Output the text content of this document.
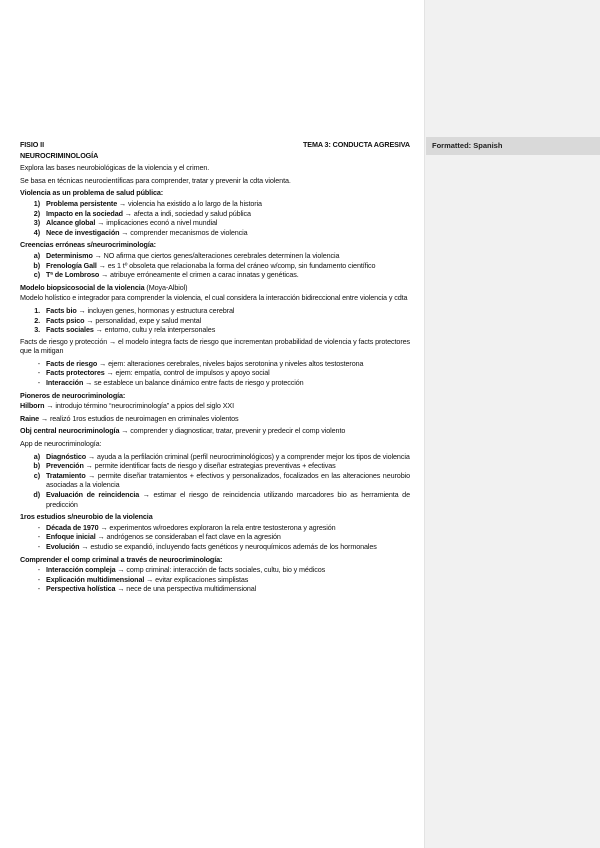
Formatted: Spanish
FISIO II	TEMA 3: CONDUCTA AGRESIVA
NEUROCRIMINOLOGÍA

Explora las bases neurobiológicas de la violencia y el crimen.

Se basa en técnicas neurocientíficas para comprender, tratar y prevenir la cdta violenta.

Violencia as un problema de salud pública:
1) Problema persistente → violencia ha existido a lo largo de la historia
2) Impacto en la sociedad → afecta a indi, sociedad y salud pública
3) Alcance global → implicaciones econó a nivel mundial
4) Nece de investigación → comprender mecanismos de violencia
Creencias erróneas s/neurocriminología:
a) Determinismo → NO afirma que ciertos genes/alteraciones cerebrales determinen la violencia
b) Frenología Gall → es 1 tº obsoleta que relacionaba la forma del cráneo w/comp, sin fundamento científico
c) Tª de Lombroso → atribuye erróneamente el crimen a carac innatas y genéticas.
Modelo biopsicosocial de la violencia (Moya-Albiol)

Modelo holístico e integrador para comprender la violencia, el cual considera la interacción bidireccional entre violencia y cdta

1. Facts bio → incluyen genes, hormonas y estructura cerebral
2. Facts psico → personalidad, expe y salud mental
3. Facts sociales → entorno, cultu y rela interpersonales

Facts de riesgo y protección → el modelo integra facts de riesgo que incrementan probabilidad de violencia y facts protectores que la mitigan

- Facts de riesgo → ejem: alteraciones cerebrales, niveles bajos serotonina y niveles altos testosterona
- Facts protectores → ejem: empatía, control de impulsos y apoyo social
- Interacción → se establece un balance dinámico entre facts de riesgo y protección
Pioneros de neurocriminología:

Hilborn → introdujo término “neurocriminología” a ppios del siglo XXI

Raine → realizó 1ros estudios de neuroimagen en criminales violentos

Obj central neurocriminología → comprender y diagnosticar, tratar, prevenir y predecir el comp violento

App de neurocriminología:

a) Diagnóstico → ayuda a la perfilación criminal (perfil neurocriminológicos) y a comprender mejor los tipos de violencia
b) Prevención → permite identificar facts de riesgo y diseñar estrategias preventivas + efectivas
c) Tratamiento → permite diseñar tratamientos + efectivos y personalizados, focalizados en las alteraciones neurobio asociadas a la violencia
d) Evaluación de reincidencia → estimar el riesgo de reincidencia utilizando marcadores bio as herramienta de predicción
1ros estudios s/neurobio de la violencia
- Década de 1970 → experimentos w/roedores exploraron la rela entre testosterona y agresión
- Enfoque inicial → andrógenos se consideraban el fact clave en la agresión
- Evolución → estudio se expandió, incluyendo facts genéticos y neuroquímicos además de los hormonales
Comprender el comp criminal a través de neurocriminología:
- Interacción compleja → comp criminal: interacción de facts sociales, cultu, bio y médicos
- Explicación multidimensional → evitar explicaciones simplistas
- Perspectiva holística → nece de una perspectiva multidimensional
